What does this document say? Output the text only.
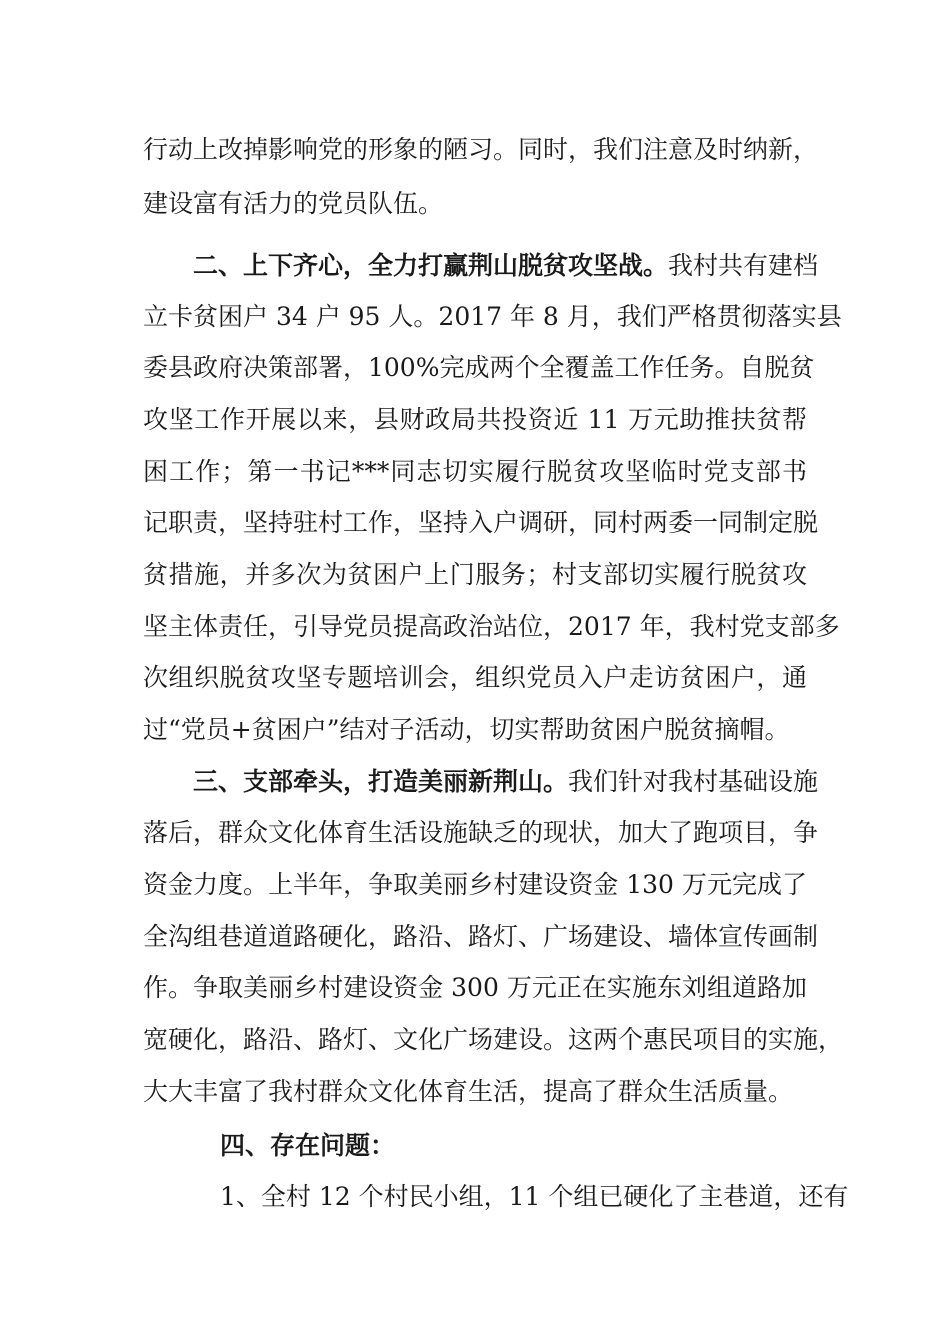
行动上改掉影响党的形象的陋习。同时，我们注意及时纳新，
建设富有活力的党员队伍。
二、上下齐心，全力打赢荆山脱贫攻坚战。我村共有建档
立卡贫困户 34 户 95 人。2017 年 8 月，我们严格贯彻落实县
委县政府决策部署，100%完成两个全覆盖工作任务。自脱贫
攻坚工作开展以来，县财政局共投资近 11 万元助推扶贫帮
困工作；第一书记***同志切实履行脱贫攻坚临时党支部书
记职责，坚持驻村工作，坚持入户调研，同村两委一同制定脱
贫措施，并多次为贫困户上门服务；村支部切实履行脱贫攻
坚主体责任，引导党员提高政治站位，2017 年，我村党支部多
次组织脱贫攻坚专题培训会，组织党员入户走访贫困户，通
过“党员+贫困户”结对子活动，切实帮助贫困户脱贫摘帽。
三、支部牵头，打造美丽新荆山。我们针对我村基础设施
落后，群众文化体育生活设施缺乏的现状，加大了跑项目，争
资金力度。上半年，争取美丽乡村建设资金 130 万元完成了
全沟组巷道道路硬化，路沿、路灯、广场建设、墙体宣传画制
作。争取美丽乡村建设资金 300 万元正在实施东刘组道路加
宽硬化，路沿、路灯、文化广场建设。这两个惠民项目的实施，
大大丰富了我村群众文化体育生活，提高了群众生活质量。
四、存在问题：
1、全村 12 个村民小组，11 个组已硬化了主巷道，还有
